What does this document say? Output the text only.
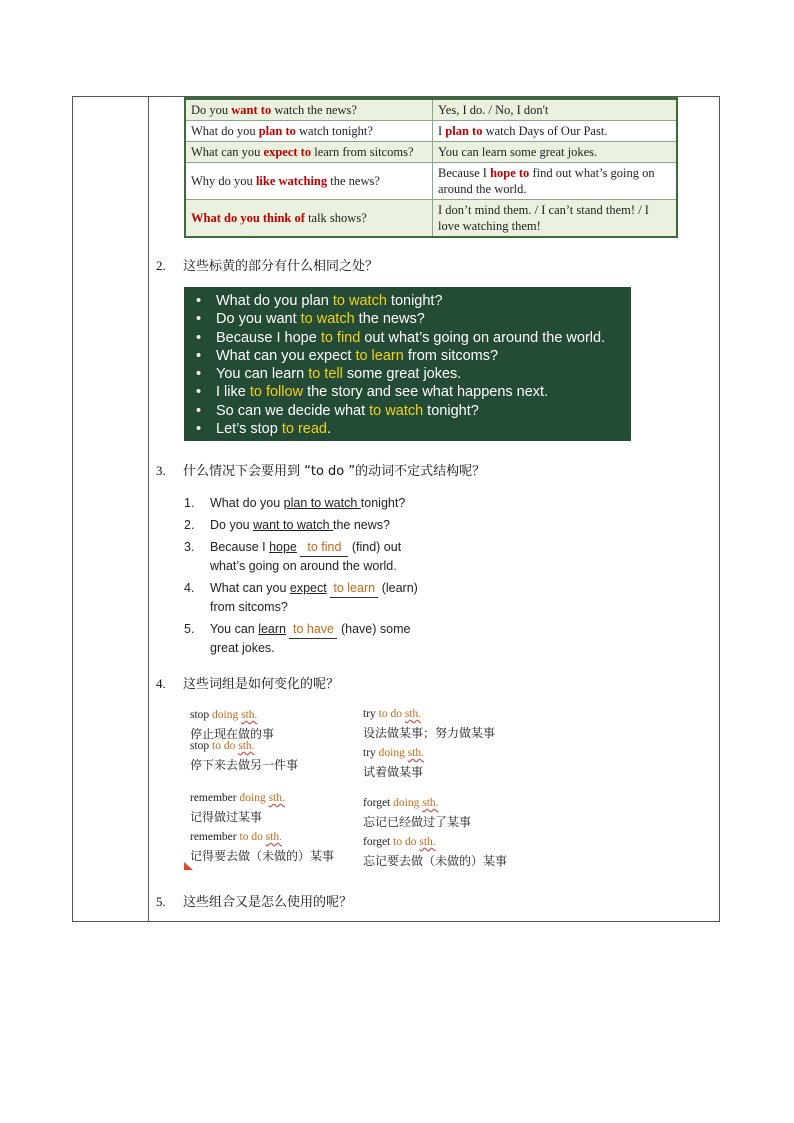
Do you want to watch the news?	Yes, I do. / No, I don't
What do you plan to watch tonight?	I plan to watch Days of Our Past.
What can you expect to learn from sitcoms?	You can learn some great jokes.
Why do you like watching the news?	Because I hope to find out what’s going on around the world.
What do you think of talk shows?	I don’t mind them. / I can’t stand them! / I love watching them!
2. 这些标黄的部分有什么相同之处？
• What do you plan to watch tonight?
• Do you want to watch the news?
• Because I hope to find out what’s going on around the world.
• What can you expect to learn from sitcoms?
• You can learn to tell some great jokes.
• I like to follow the story and see what happens next.
• So can we decide what to watch tonight?
• Let’s stop to read.
3. 什么情况下会要用到 “to do ”的动词不定式结构呢？
1. What do you plan to watch tonight?
2. Do you want to watch the news?
3. Because I hope to find (find) out
what’s going on around the world.
4. What can you expect to learn (learn)
from sitcoms?
5. You can learn to have (have) some
great jokes.
4. 这些词组是如何变化的呢？
stop doing sth.
停止现在做的事
stop to do sth.
停下来去做另一件事
try to do sth.
设法做某事；努力做某事
try doing sth.
试着做某事
remember doing sth.
记得做过某事
remember to do sth.
记得要去做（未做的）某事
forget doing sth.
忘记已经做过了某事
forget to do sth.
忘记要去做（未做的）某事
5. 这些组合又是怎么使用的呢？
